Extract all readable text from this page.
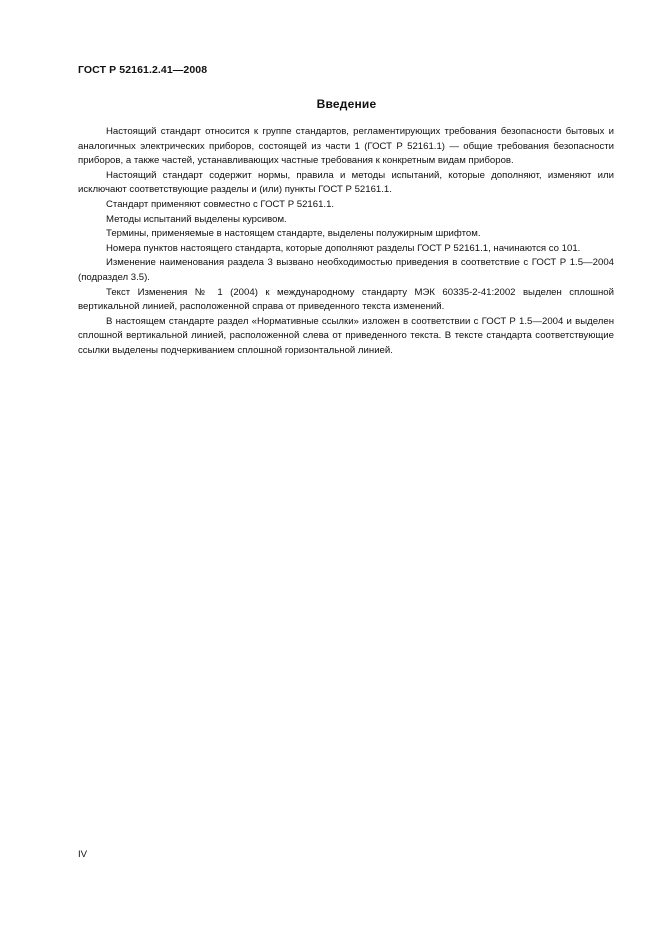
ГОСТ Р 52161.2.41—2008
Введение

Настоящий стандарт относится к группе стандартов, регламентирующих требования безопасности бытовых и аналогичных электрических приборов, состоящей из части 1 (ГОСТ Р 52161.1) — общие требования безопасности приборов, а также частей, устанавливающих частные требования к конкретным видам приборов.

Настоящий стандарт содержит нормы, правила и методы испытаний, которые дополняют, изменяют или исключают соответствующие разделы и (или) пункты ГОСТ Р 52161.1.

Стандарт применяют совместно с ГОСТ Р 52161.1.

Методы испытаний выделены курсивом.

Термины, применяемые в настоящем стандарте, выделены полужирным шрифтом.

Номера пунктов настоящего стандарта, которые дополняют разделы ГОСТ Р 52161.1, начинаются со 101.

Изменение наименования раздела 3 вызвано необходимостью приведения в соответствие с ГОСТ Р 1.5—2004 (подраздел 3.5).

Текст Изменения № 1 (2004) к международному стандарту МЭК 60335-2-41:2002 выделен сплошной вертикальной линией, расположенной справа от приведенного текста изменений.

В настоящем стандарте раздел «Нормативные ссылки» изложен в соответствии с ГОСТ Р 1.5—2004 и выделен сплошной вертикальной линией, расположенной слева от приведенного текста. В тексте стандарта соответствующие ссылки выделены подчеркиванием сплошной горизонтальной линией.

IV
